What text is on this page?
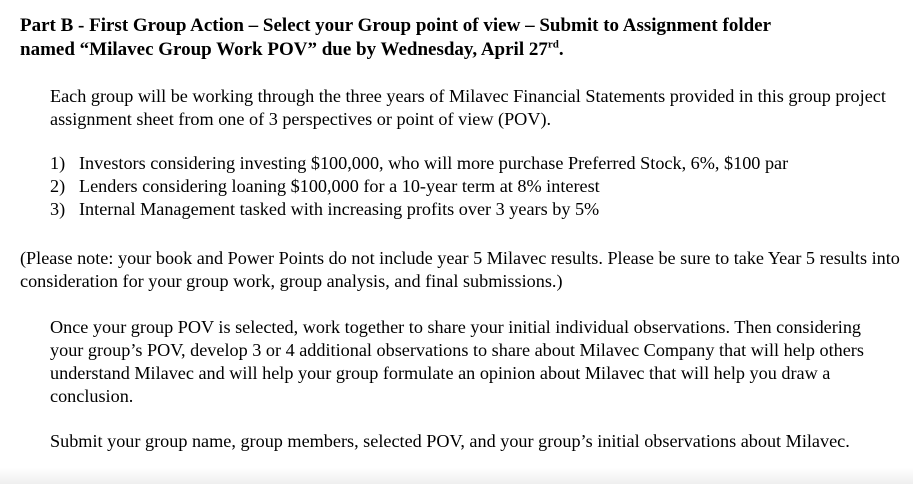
Part B - First Group Action – Select your Group point of view – Submit to Assignment folder
named “Milavec Group Work POV” due by Wednesday, April 27rd.

Each group will be working through the three years of Milavec Financial Statements provided in this group project assignment sheet from one of 3 perspectives or point of view (POV).

1) Investors considering investing $100,000, who will more purchase Preferred Stock, 6%, $100 par
2) Lenders considering loaning $100,000 for a 10-year term at 8% interest
3) Internal Management tasked with increasing profits over 3 years by 5%

(Please note: your book and Power Points do not include year 5 Milavec results. Please be sure to take Year 5 results into consideration for your group work, group analysis, and final submissions.)

Once your group POV is selected, work together to share your initial individual observations. Then considering your group’s POV, develop 3 or 4 additional observations to share about Milavec Company that will help others understand Milavec and will help your group formulate an opinion about Milavec that will help you draw a conclusion.

Submit your group name, group members, selected POV, and your group’s initial observations about Milavec.
